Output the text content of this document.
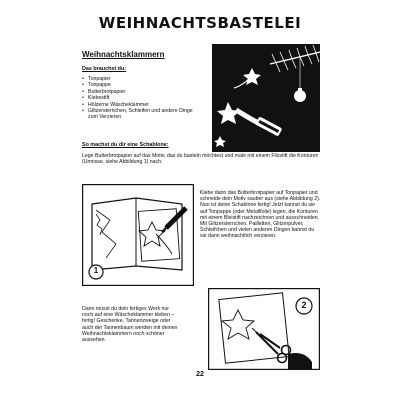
WEIHNACHTSBASTELEI
Weihnachtsklammern
Das brauchst du:
• Tonpapier
• Tonpappe
• Butterbrotpapier
• Klebestift
• Hölzerne Wäscheklammer
• Glitzersternchen, Schleifen und andere Dinge zum Verzieren
So machst du dir eine Schablone:
Lege Butterbrotpapier auf das Motiv, das du basteln möchtest und male mit einem Filzstift die Konturen (Umrisse, siehe Abbildung 1) nach.
1
Klebe dann das Butterbrotpapier auf Tonpapier und schneide dein Motiv sauber aus (siehe Abbildung 2). Nun ist deine Schablone fertig! Jetzt kannst du sie auf Tonpappe (oder Metallfolie) legen, die Konturen mit einem Bleistift nachzeichnen und ausschneiden. Mit Glitzersternchen, Pailletten, Glitzerpulver, Schleifchen und vielen anderen Dingen kannst du sie dann weihnachtlich verzieren.
Dann musst du dein fertiges Werk nur noch auf eine Wäscheklammer kleben – fertig! Geschenke, Tannenzweige oder auch der Tannenbaum werden mit deinen Weihnachtsklammern noch schöner aussehen.
2
22
